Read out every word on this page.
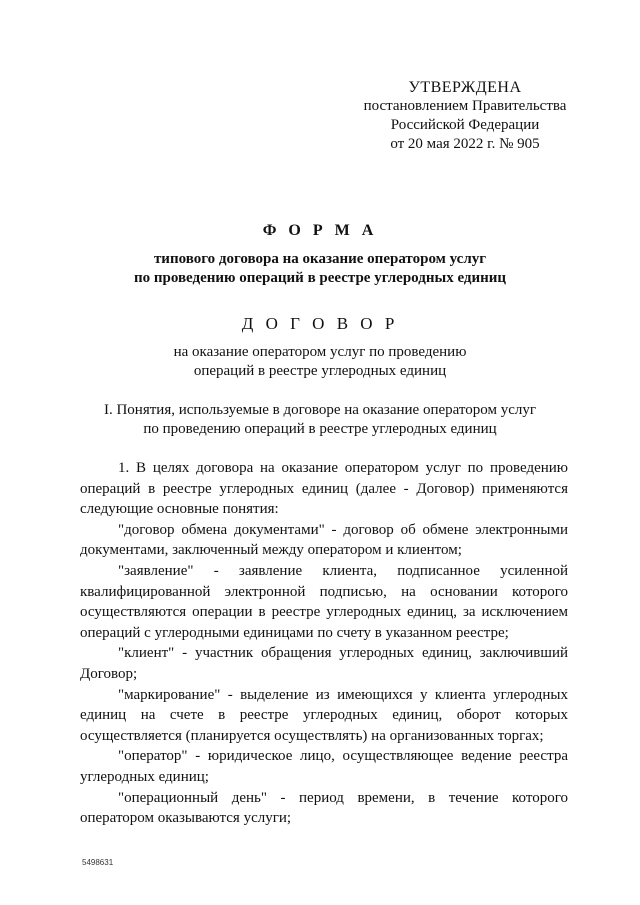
УТВЕРЖДЕНА
постановлением Правительства
Российской Федерации
от 20 мая 2022 г. № 905
Ф О Р М А
типового договора на оказание оператором услуг
по проведению операций в реестре углеродных единиц
Д О Г О В О Р
на оказание оператором услуг по проведению
операций в реестре углеродных единиц
I. Понятия, используемые в договоре на оказание оператором услуг
по проведению операций в реестре углеродных единиц

1. В целях договора на оказание оператором услуг по проведению операций в реестре углеродных единиц (далее - Договор) применяются следующие основные понятия:

"договор обмена документами" - договор об обмене электронными документами, заключенный между оператором и клиентом;

"заявление" - заявление клиента, подписанное усиленной квалифицированной электронной подписью, на основании которого осуществляются операции в реестре углеродных единиц, за исключением операций с углеродными единицами по счету в указанном реестре;

"клиент" - участник обращения углеродных единиц, заключивший Договор;

"маркирование" - выделение из имеющихся у клиента углеродных единиц на счете в реестре углеродных единиц, оборот которых осуществляется (планируется осуществлять) на организованных торгах;

"оператор" - юридическое лицо, осуществляющее ведение реестра углеродных единиц;

"операционный день" - период времени, в течение которого оператором оказываются услуги;

5498631
